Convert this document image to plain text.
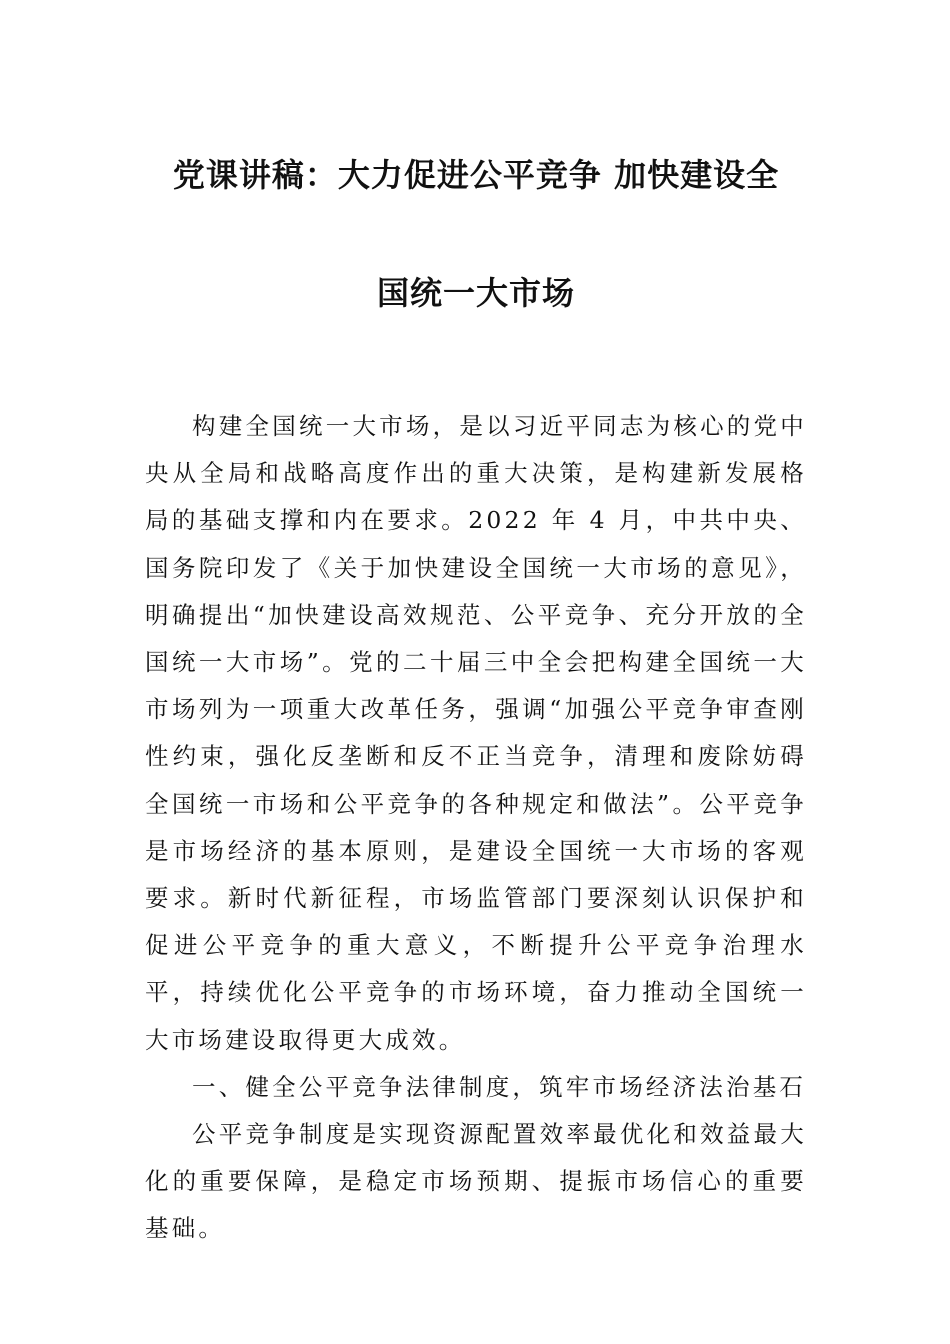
党课讲稿：大力促进公平竞争 加快建设全
国统一大市场

构建全国统一大市场，是以习近平同志为核心的党中央从全局和战略高度作出的重大决策，是构建新发展格局的基础支撑和内在要求。2022 年 4 月，中共中央、国务院印发了《关于加快建设全国统一大市场的意见》，明确提出“加快建设高效规范、公平竞争、充分开放的全国统一大市场”。党的二十届三中全会把构建全国统一大市场列为一项重大改革任务，强调“加强公平竞争审查刚性约束，强化反垄断和反不正当竞争，清理和废除妨碍全国统一市场和公平竞争的各种规定和做法”。公平竞争是市场经济的基本原则，是建设全国统一大市场的客观要求。新时代新征程，市场监管部门要深刻认识保护和促进公平竞争的重大意义，不断提升公平竞争治理水平，持续优化公平竞争的市场环境，奋力推动全国统一大市场建设取得更大成效。

一、健全公平竞争法律制度，筑牢市场经济法治基石

公平竞争制度是实现资源配置效率最优化和效益最大化的重要保障，是稳定市场预期、提振市场信心的重要基础。
